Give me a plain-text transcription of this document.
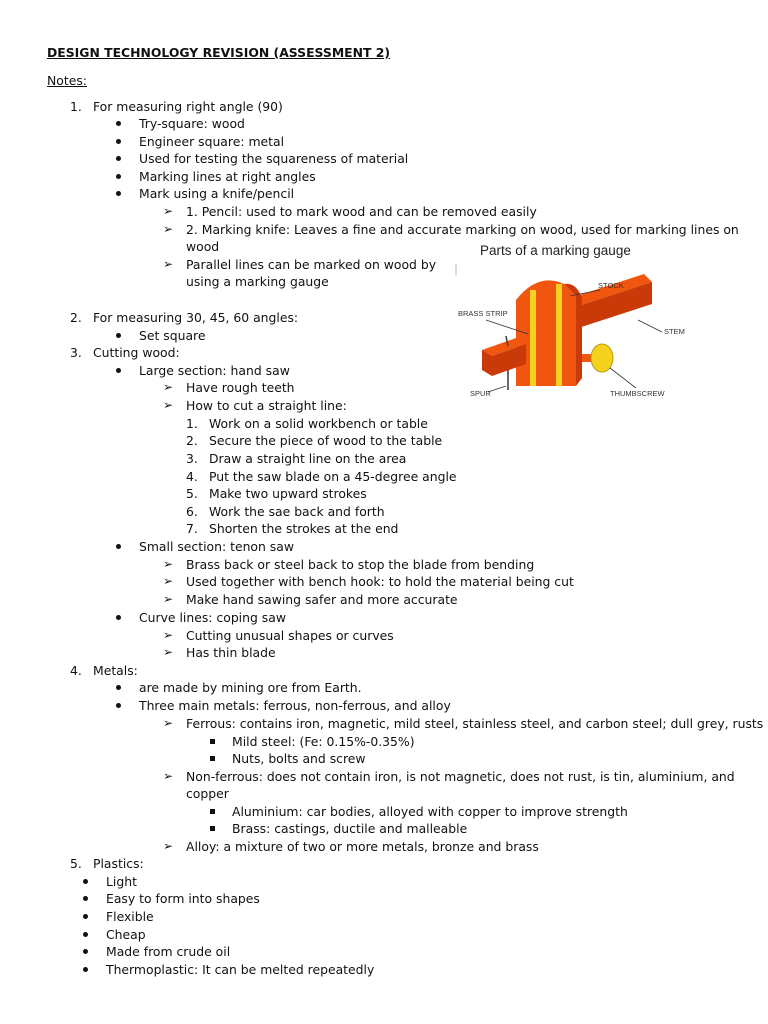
DESIGN TECHNOLOGY REVISION (ASSESSMENT 2)
Notes:
1. For measuring right angle (90)
Try-square: wood
Engineer square: metal
Used for testing the squareness of material
Marking lines at right angles
Mark using a knife/pencil
➢ 1. Pencil: used to mark wood and can be removed easily
➢ 2. Marking knife: Leaves a fine and accurate marking on wood, used for marking lines on
wood
➢ Parallel lines can be marked on wood by
using a marking gauge
2. For measuring 30, 45, 60 angles:
Set square
3. Cutting wood:
Large section: hand saw
➢ Have rough teeth
➢ How to cut a straight line:
1. Work on a solid workbench or table
2. Secure the piece of wood to the table
3. Draw a straight line on the area
4. Put the saw blade on a 45-degree angle
5. Make two upward strokes
6. Work the sae back and forth
7. Shorten the strokes at the end
Small section: tenon saw
➢ Brass back or steel back to stop the blade from bending
➢ Used together with bench hook: to hold the material being cut
➢ Make hand sawing safer and more accurate
Curve lines: coping saw
➢ Cutting unusual shapes or curves
➢ Has thin blade
4. Metals:
are made by mining ore from Earth.
Three main metals: ferrous, non-ferrous, and alloy
➢ Ferrous: contains iron, magnetic, mild steel, stainless steel, and carbon steel; dull grey, rusts
Mild steel: (Fe: 0.15%-0.35%)
Nuts, bolts and screw
➢ Non-ferrous: does not contain iron, is not magnetic, does not rust, is tin, aluminium, and
copper
Aluminium: car bodies, alloyed with copper to improve strength
Brass: castings, ductile and malleable
➢ Alloy: a mixture of two or more metals, bronze and brass
5. Plastics:
Light
Easy to form into shapes
Flexible
Cheap
Made from crude oil
Thermoplastic: It can be melted repeatedly
Parts of a marking gauge
STOCK
BRASS STRIP
STEM
SPUR	THUMBSCREW
